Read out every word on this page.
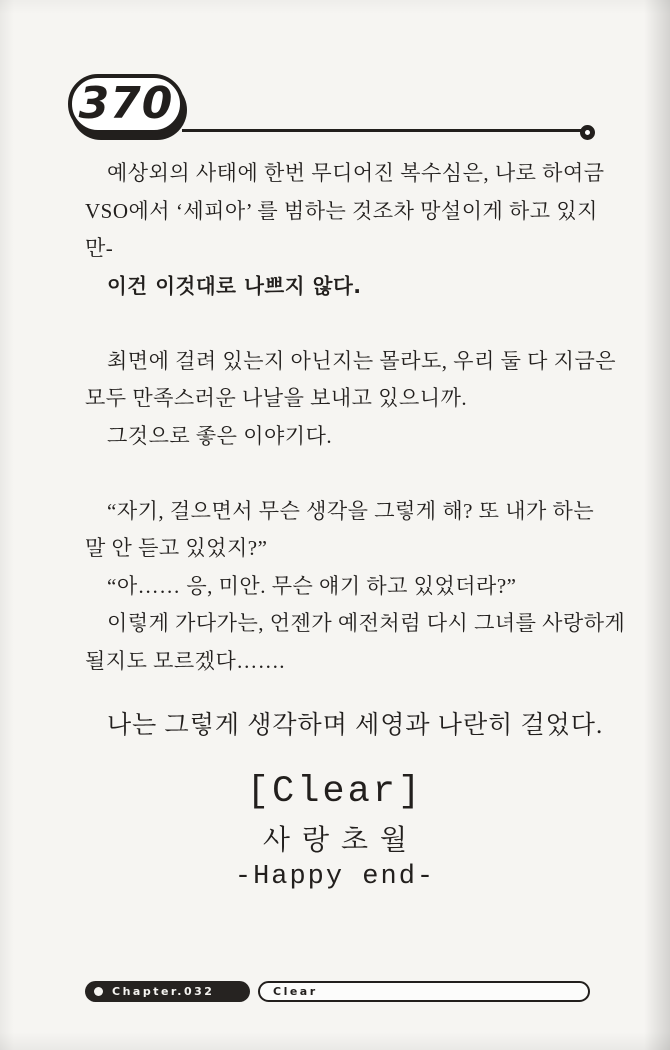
370
예상외의 사태에 한번 무디어진 복수심은, 나로 하여금
VSO에서 ‘세피아’ 를 범하는 것조차 망설이게 하고 있지
만-
이건 이것대로 나쁘지 않다.
최면에 걸려 있는지 아닌지는 몰라도, 우리 둘 다 지금은
모두 만족스러운 나날을 보내고 있으니까.
그것으로 좋은 이야기다.
“자기, 걸으면서 무슨 생각을 그렇게 해? 또 내가 하는
말 안 듣고 있었지?”
“아…… 응, 미안. 무슨 얘기 하고 있었더라?”
이렇게 가다가는, 언젠가 예전처럼 다시 그녀를 사랑하게
될지도 모르겠다…….
나는 그렇게 생각하며 세영과 나란히 걸었다.
[Clear]
사랑초월
-Happy end-
Chapter.032	Clear
